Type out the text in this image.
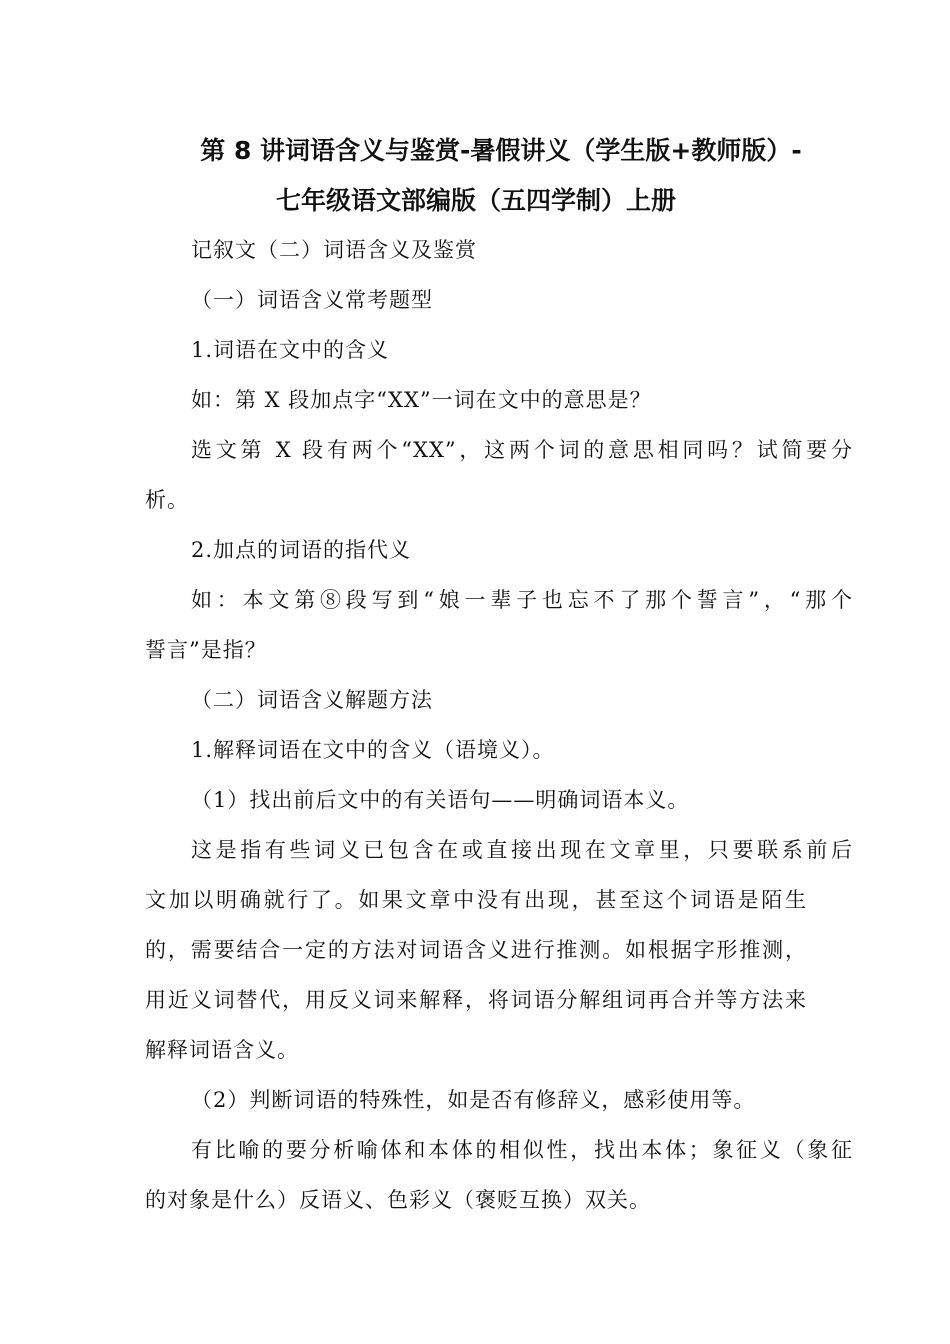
第 8 讲词语含义与鉴赏-暑假讲义（学生版+教师版）-
七年级语文部编版（五四学制）上册
记叙文（二）词语含义及鉴赏
（一）词语含义常考题型
1.词语在文中的含义
如：第 X 段加点字“XX”一词在文中的意思是？
选文第 X 段有两个“XX”，这两个词的意思相同吗？试简要分
析。
2.加点的词语的指代义
如：本文第⑧段写到“娘一辈子也忘不了那个誓言”，“那个
誓言”是指？
（二）词语含义解题方法
1.解释词语在文中的含义（语境义）。
（1）找出前后文中的有关语句——明确词语本义。
这是指有些词义已包含在或直接出现在文章里，只要联系前后
文加以明确就行了。如果文章中没有出现，甚至这个词语是陌生
的，需要结合一定的方法对词语含义进行推测。如根据字形推测，
用近义词替代，用反义词来解释，将词语分解组词再合并等方法来
解释词语含义。
（2）判断词语的特殊性，如是否有修辞义，感彩使用等。
有比喻的要分析喻体和本体的相似性，找出本体；象征义（象征
的对象是什么）反语义、色彩义（褒贬互换）双关。
